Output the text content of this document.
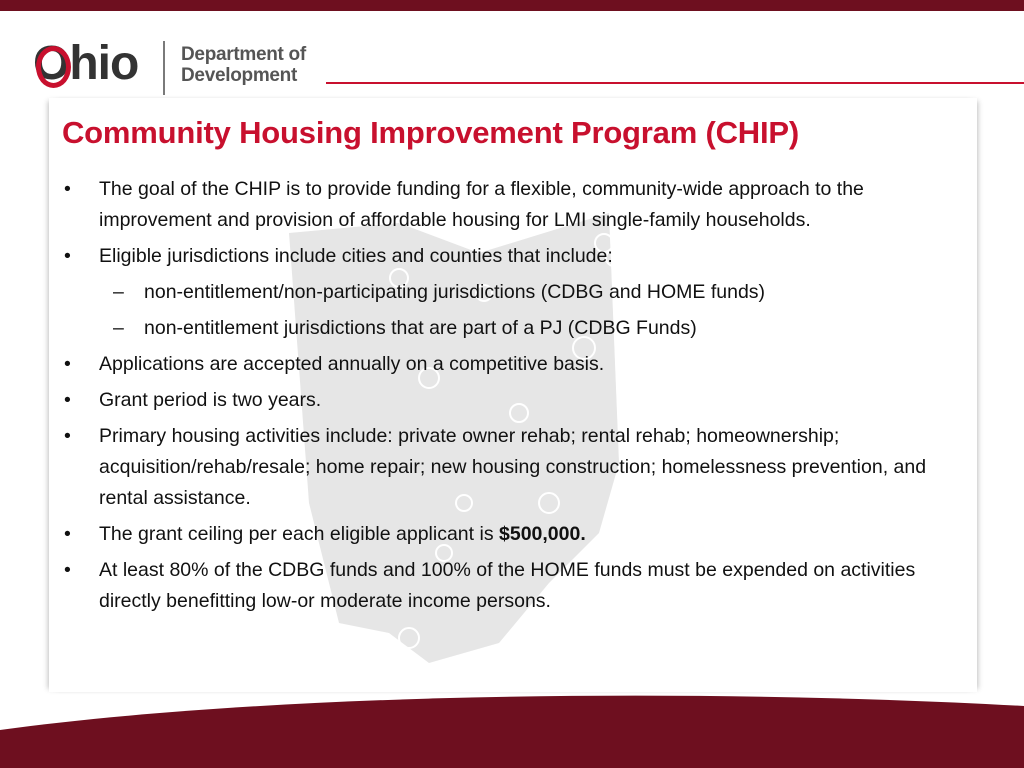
Ohio Department of
Development
Community Housing Improvement Program (CHIP)
• The goal of the CHIP is to provide funding for a flexible, community-wide approach to the improvement and provision of affordable housing for LMI single-family households.
• Eligible jurisdictions include cities and counties that include:
– non-entitlement/non-participating jurisdictions (CDBG and HOME funds)
– non-entitlement jurisdictions that are part of a PJ (CDBG Funds)
• Applications are accepted annually on a competitive basis.
• Grant period is two years.
• Primary housing activities include: private owner rehab; rental rehab; homeownership; acquisition/rehab/resale; home repair; new housing construction; homelessness prevention, and rental assistance.
• The grant ceiling per each eligible applicant is $500,000.
• At least 80% of the CDBG funds and 100% of the HOME funds must be expended on activities directly benefitting low-or moderate income persons.
